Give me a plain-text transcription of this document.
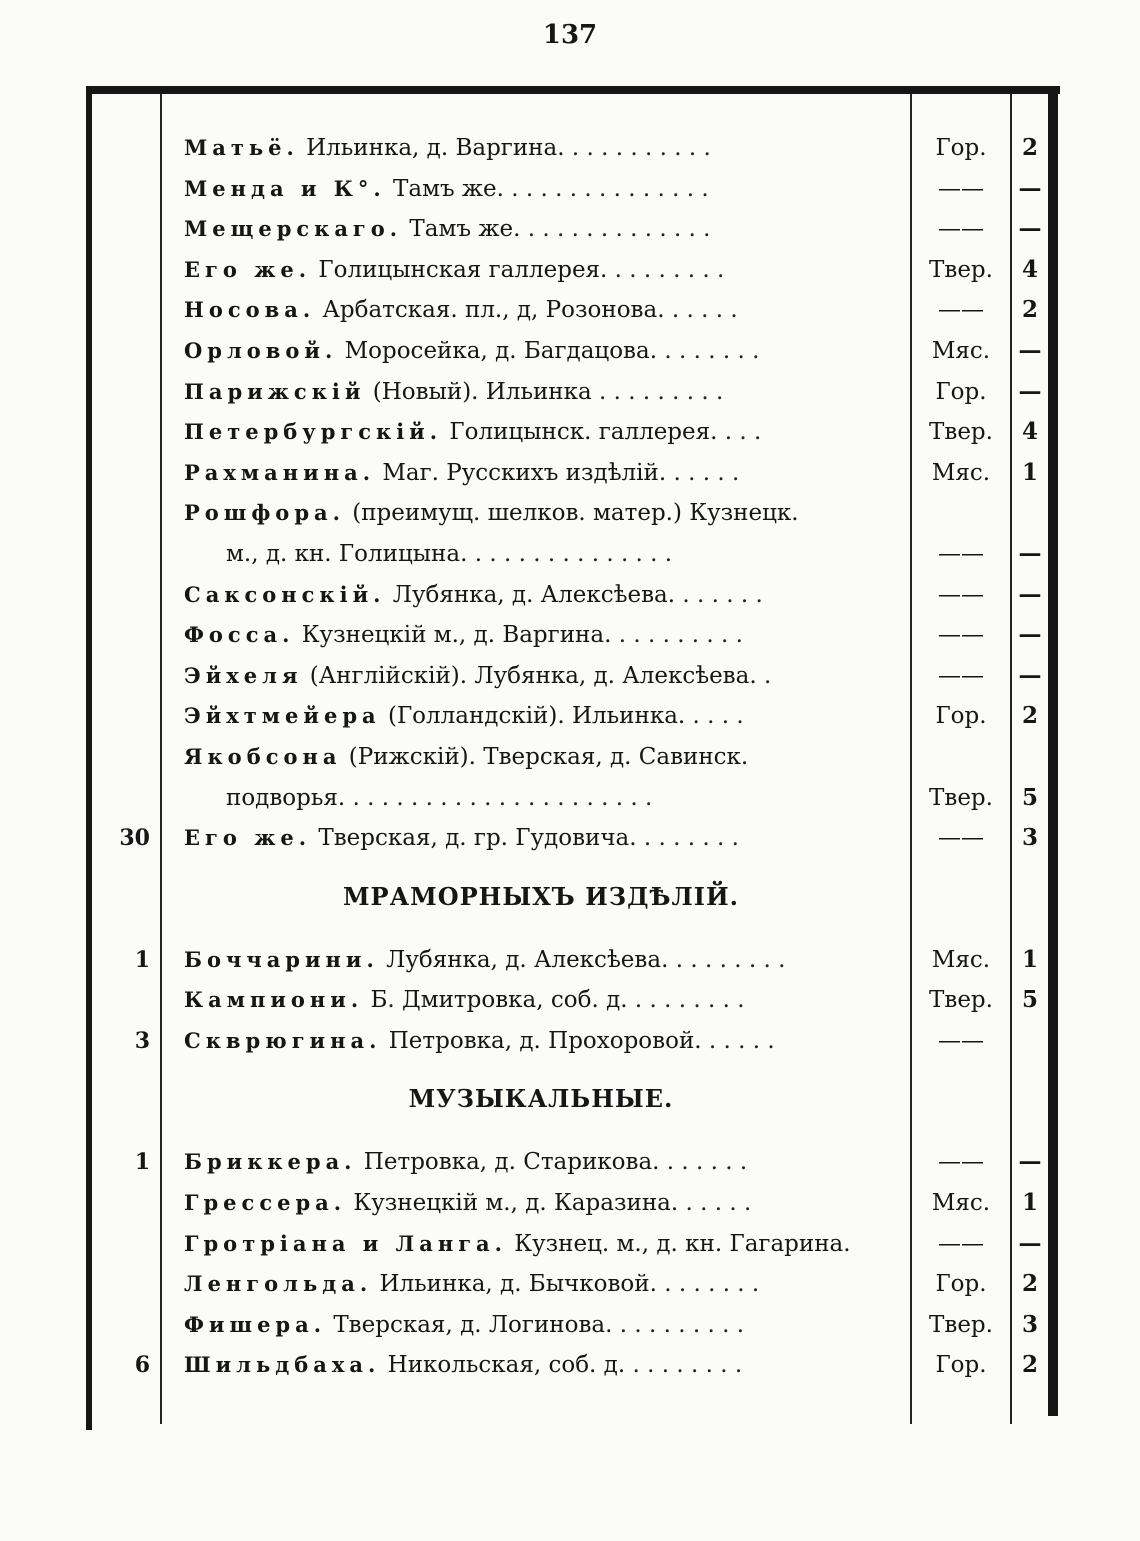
137
Матьё. Ильинка, д. Варгина. . . . . . . . . . .	Гор.	2
Менда и К°. Тамъ же. . . . . . . . . . . . . . .	——	—
Мещерскаго. Тамъ же. . . . . . . . . . . . . .	——	—
Его же. Голицынская галлерея. . . . . . . . .	Твер.	4
Носова. Арбатская. пл., д, Розонова. . . . . .	——	2
Орловой. Моросейка, д. Багдацова. . . . . . . .	Мяс.	—
Парижскій (Новый). Ильинка . . . . . . . . .	Гор.	—
Петербургскій. Голицынск. галлерея. . . .	Твер.	4
Рахманина. Маг. Русскихъ издѣлій. . . . . .	Мяс.	1
Рошфора. (преимущ. шелков. матер.) Кузнецк.
м., д. кн. Голицына. . . . . . . . . . . . . . .	——	—
Саксонскій. Лубянка, д. Алексѣева. . . . . . .	——	—
Фосса. Кузнецкій м., д. Варгина. . . . . . . . . .	——	—
Эйхеля (Англійскій). Лубянка, д. Алексѣева. .	——	—
Эйхтмейера (Голландскій). Ильинка. . . . .	Гор.	2
Якобсона (Рижскій). Тверская, д. Савинск.
подворья. . . . . . . . . . . . . . . . . . . . . .	Твер.	5
30 Его же. Тверская, д. гр. Гудовича. . . . . . . .	——	3
МРАМОРНЫХЪ ИЗДѢЛІЙ.
1 Боччарини. Лубянка, д. Алексѣева. . . . . . . . .	Мяс.	1
Кампиони. Б. Дмитровка, соб. д. . . . . . . . .	Твер.	5
3 Скврюгина. Петровка, д. Прохоровой. . . . . .	——
МУЗЫКАЛЬНЫЕ.
1 Бриккера. Петровка, д. Старикова. . . . . . .	——	—
Грессера. Кузнецкій м., д. Каразина. . . . . .	Мяс.	1
Гротріана и Ланга. Кузнец. м., д. кн. Гагарина.	——	—
Ленгольда. Ильинка, д. Бычковой. . . . . . . .	Гор.	2
Фишера. Тверская, д. Логинова. . . . . . . . . .	Твер.	3
6 Шильдбаха. Никольская, соб. д. . . . . . . . .	Гор.	2
